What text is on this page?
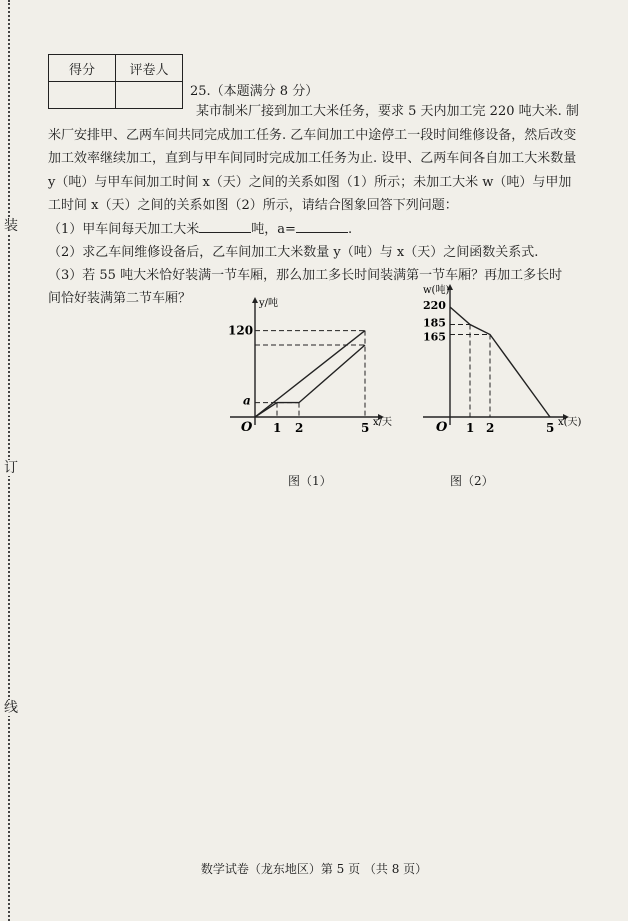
装
订
线
得分	评卷人

25.（本题满分 8 分）
某市制米厂接到加工大米任务，要求 5 天内加工完 220 吨大米. 制米厂安排甲、乙两车间共同完成加工任务. 乙车间加工中途停工一段时间维修设备，然后改变加工效率继续加工，直到与甲车间同时完成加工任务为止. 设甲、乙两车间各自加工大米数量 y（吨）与甲车间加工时间 x（天）之间的关系如图（1）所示；未加工大米 w（吨）与甲加工时间 x（天）之间的关系如图（2）所示，请结合图象回答下列问题：
（1）甲车间每天加工大米	吨，a=	.
（2）求乙车间维修设备后，乙车间加工大米数量 y（吨）与 x（天）之间函数关系式.
（3）若 55 吨大米恰好装满一节车厢，那么加工多长时间装满第一节车厢？再加工多长时
间恰好装满第二节车厢？	y/吨
x/天
O 1 2	5
a
120
图（1）
w(吨)
x(天)
O 1 2	5
220
185
165
图（2）
数学试卷（龙东地区）第 5 页 （共 8 页）
